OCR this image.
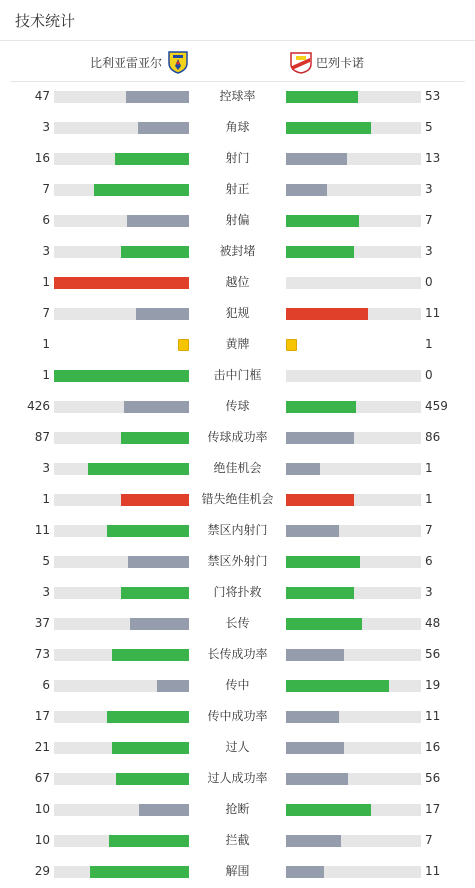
技术统计
比利亚雷亚尔	巴列卡诺
47	控球率	53
3	角球	5
16	射门	13
7	射正	3
6	射偏	7
3	被封堵	3
1	越位	0
7	犯规	11
1	黄牌	1
1	击中门框	0
426	传球	459
87	传球成功率	86
3	绝佳机会	1
1	错失绝佳机会	1
11	禁区内射门	7
5	禁区外射门	6
3	门将扑救	3
37	长传	48
73	长传成功率	56
6	传中	19
17	传中成功率	11
21	过人	16
67	过人成功率	56
10	抢断	17
10	拦截	7
29	解围	11
